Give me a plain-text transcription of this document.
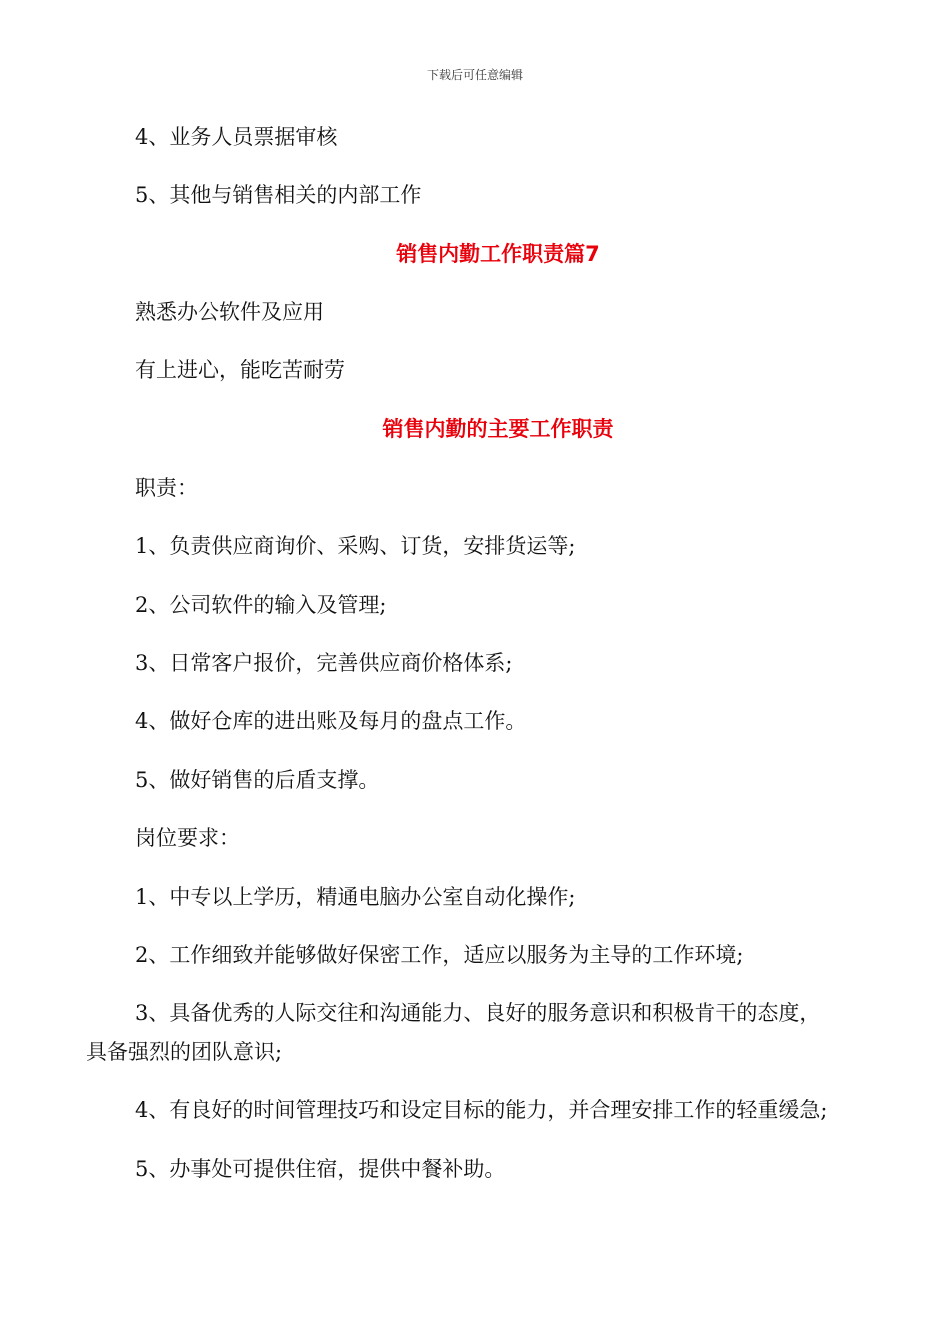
下载后可任意编辑
4、业务人员票据审核
5、其他与销售相关的内部工作
销售内勤工作职责篇7
熟悉办公软件及应用
有上进心，能吃苦耐劳
销售内勤的主要工作职责
职责：
1、负责供应商询价、采购、订货，安排货运等;
2、公司软件的输入及管理;
3、日常客户报价，完善供应商价格体系;
4、做好仓库的进出账及每月的盘点工作。
5、做好销售的后盾支撑。
岗位要求：
1、中专以上学历，精通电脑办公室自动化操作;
2、工作细致并能够做好保密工作，适应以服务为主导的工作环境;
3、具备优秀的人际交往和沟通能力、良好的服务意识和积极肯干的态度，
具备强烈的团队意识;
4、有良好的时间管理技巧和设定目标的能力，并合理安排工作的轻重缓急;
5、办事处可提供住宿，提供中餐补助。
